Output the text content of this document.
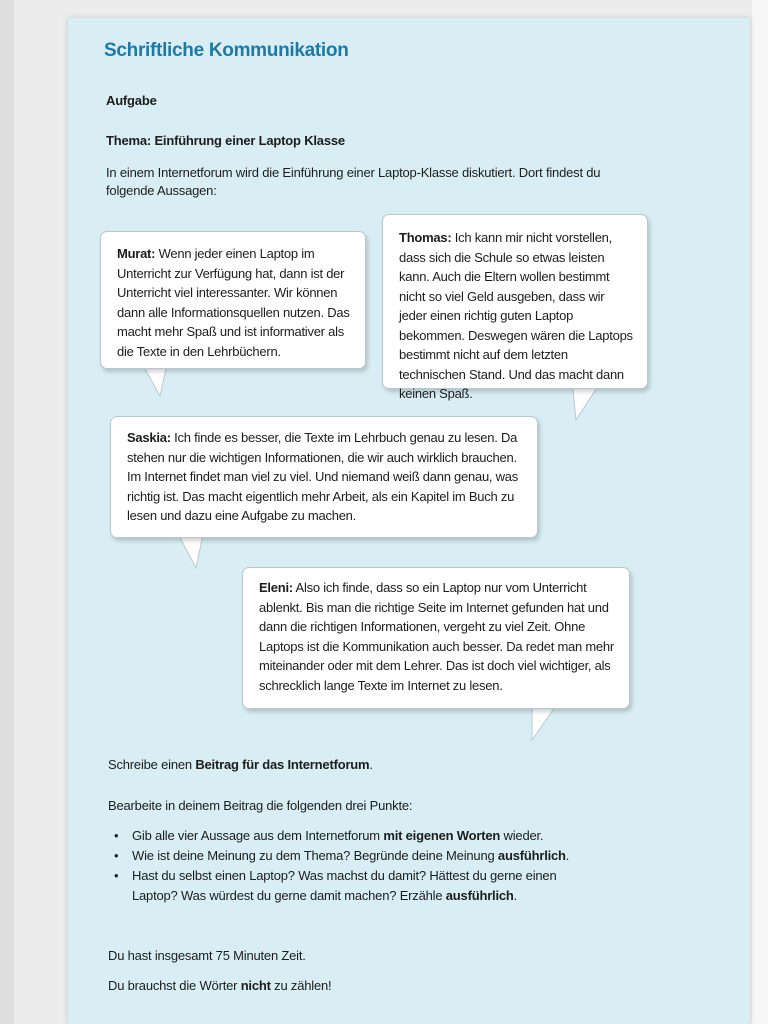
Schriftliche Kommunikation
Aufgabe
Thema: Einführung einer Laptop Klasse
In einem Internetforum wird die Einführung einer Laptop-Klasse diskutiert. Dort findest du folgende Aussagen:
Murat: Wenn jeder einen Laptop im Unterricht zur Verfügung hat, dann ist der Unterricht viel interessanter. Wir können dann alle Informationsquellen nutzen. Das macht mehr Spaß und ist informativer als die Texte in den Lehrbüchern.
Thomas: Ich kann mir nicht vorstellen, dass sich die Schule so etwas leisten kann. Auch die Eltern wollen bestimmt nicht so viel Geld ausgeben, dass wir jeder einen richtig guten Laptop bekommen. Deswegen wären die Laptops bestimmt nicht auf dem letzten technischen Stand. Und das macht dann keinen Spaß.
Saskia: Ich finde es besser, die Texte im Lehrbuch genau zu lesen. Da stehen nur die wichtigen Informationen, die wir auch wirklich brauchen. Im Internet findet man viel zu viel. Und niemand weiß dann genau, was richtig ist. Das macht eigentlich mehr Arbeit, als ein Kapitel im Buch zu lesen und dazu eine Aufgabe zu machen.
Eleni: Also ich finde, dass so ein Laptop nur vom Unterricht ablenkt. Bis man die richtige Seite im Internet gefunden hat und dann die richtigen Informationen, vergeht zu viel Zeit. Ohne Laptops ist die Kommunikation auch besser. Da redet man mehr miteinander oder mit dem Lehrer. Das ist doch viel wichtiger, als schrecklich lange Texte im Internet zu lesen.
Schreibe einen Beitrag für das Internetforum.
Bearbeite in deinem Beitrag die folgenden drei Punkte:
• Gib alle vier Aussage aus dem Internetforum mit eigenen Worten wieder.
• Wie ist deine Meinung zu dem Thema? Begründe deine Meinung ausführlich.
• Hast du selbst einen Laptop? Was machst du damit? Hättest du gerne einen Laptop? Was würdest du gerne damit machen? Erzähle ausführlich.
Du hast insgesamt 75 Minuten Zeit.
Du brauchst die Wörter nicht zu zählen!
